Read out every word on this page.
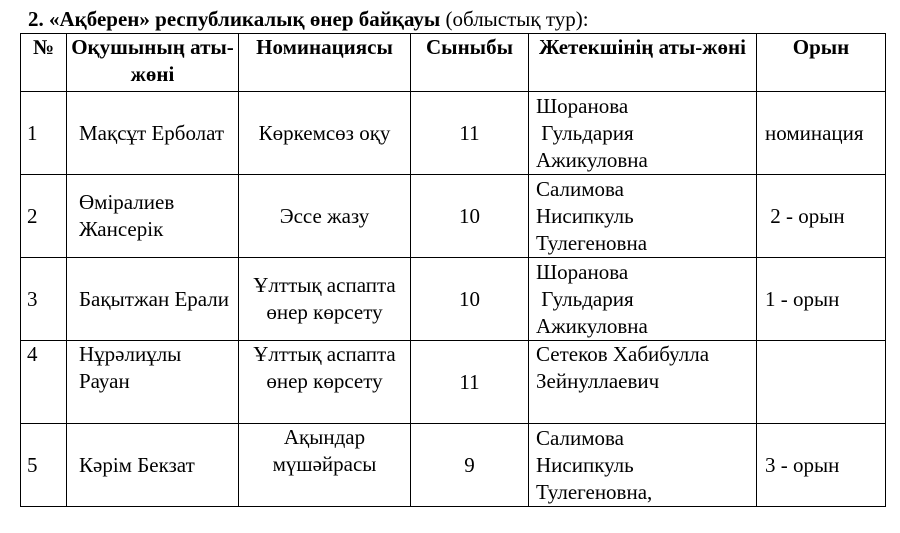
2. «Ақберен» республикалық өнер байқауы (облыстық тур):
№	Оқушының аты-жөні	Номинациясы	Сыныбы	Жетекшінің аты-жөні	Орын
1	Мақсұт Ерболат	Көркемсөз оқу	11	Шоранова
Гульдария
Ажикуловна	номинация
2	Өміралиев Жансерік	Эссе жазу	10	Салимова
Нисипкуль
Тулегеновна	2 - орын
3	Бақытжан Ерали	Ұлттық аспапта өнер көрсету	10	Шоранова
Гульдария
Ажикуловна	1 - орын
4	Нұрәлиұлы Рауан	Ұлттық аспапта өнер көрсету	11	Сетеков Хабибулла Зейнуллаевич	
5	Кәрім Бекзат	Ақындар мүшәйрасы	9	Салимова
Нисипкуль
Тулегеновна,	3 - орын
